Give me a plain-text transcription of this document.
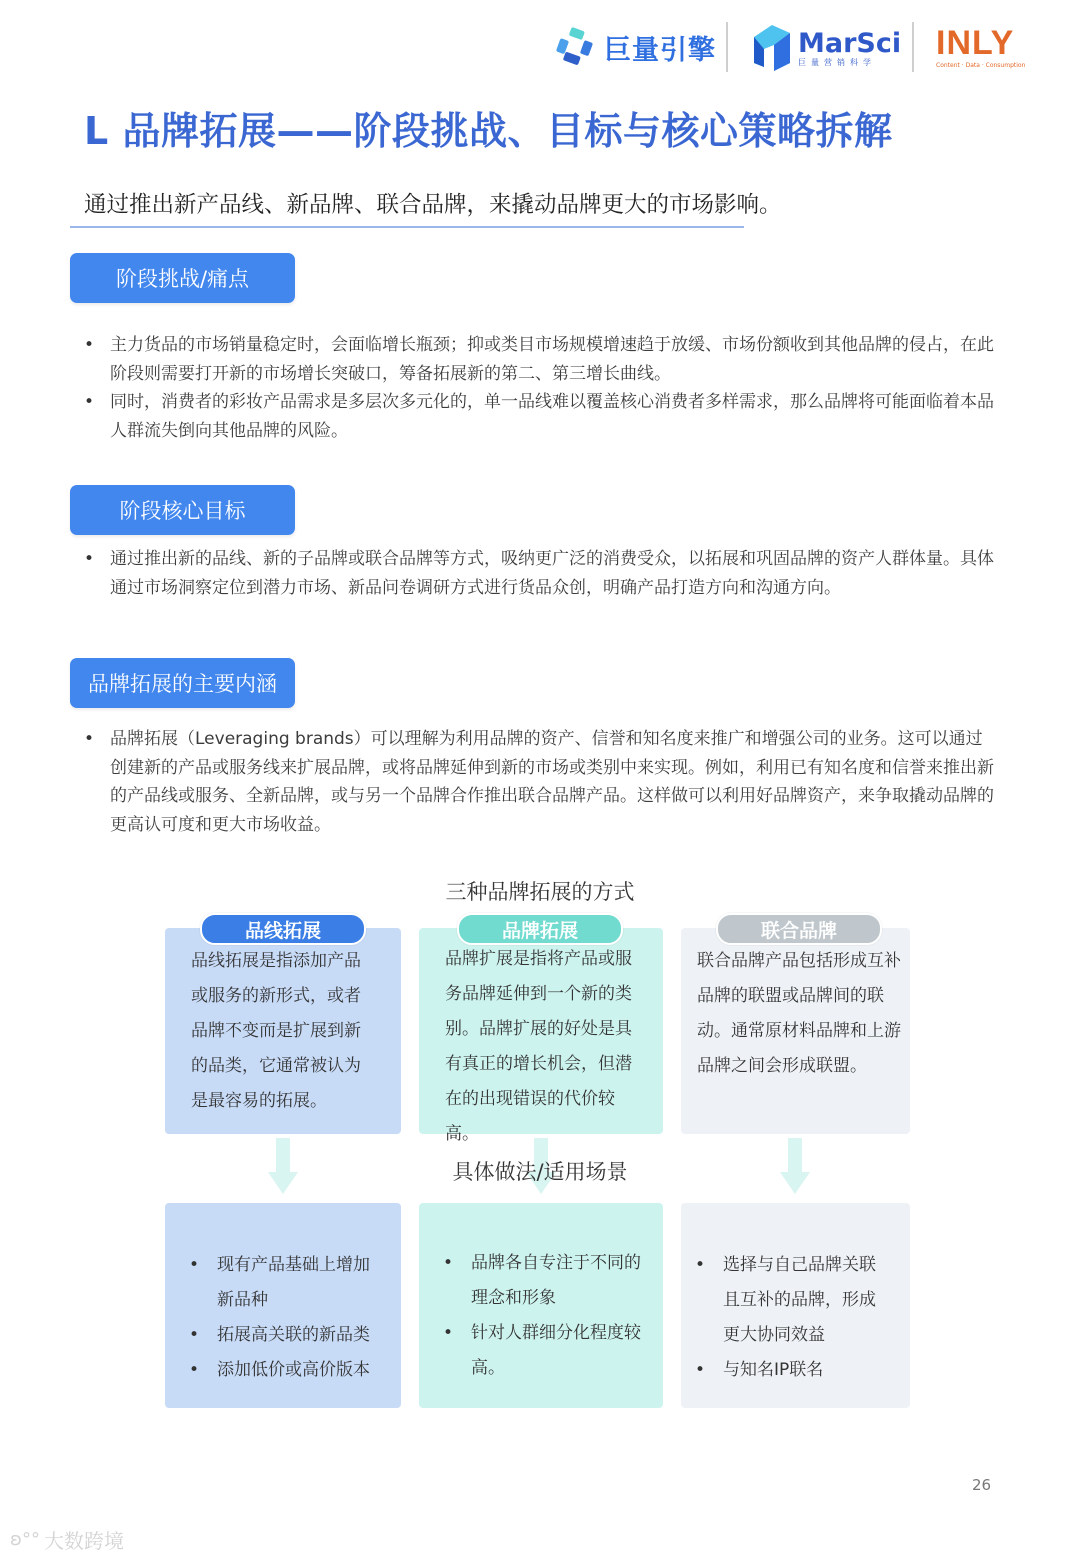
巨量引擎	MarSci
巨量营销科学	INLY
Content · Data · Consumption
L 品牌拓展——阶段挑战、目标与核心策略拆解
通过推出新产品线、新品牌、联合品牌，来撬动品牌更大的市场影响。
阶段挑战/痛点
• 主力货品的市场销量稳定时，会面临增长瓶颈；抑或类目市场规模增速趋于放缓、市场份额收到其他品牌的侵占，在此阶段则需要打开新的市场增长突破口，筹备拓展新的第二、第三增长曲线。
• 同时，消费者的彩妆产品需求是多层次多元化的，单一品线难以覆盖核心消费者多样需求，那么品牌将可能面临着本品人群流失倒向其他品牌的风险。
阶段核心目标
• 通过推出新的品线、新的子品牌或联合品牌等方式，吸纳更广泛的消费受众，以拓展和巩固品牌的资产人群体量。具体通过市场洞察定位到潜力市场、新品问卷调研方式进行货品众创，明确产品打造方向和沟通方向。
品牌拓展的主要内涵
• 品牌拓展（Leveraging brands）可以理解为利用品牌的资产、信誉和知名度来推广和增强公司的业务。这可以通过创建新的产品或服务线来扩展品牌，或将品牌延伸到新的市场或类别中来实现。例如，利用已有知名度和信誉来推出新的产品线或服务、全新品牌，或与另一个品牌合作推出联合品牌产品。这样做可以利用好品牌资产，来争取撬动品牌的更高认可度和更大市场收益。
三种品牌拓展的方式
品线拓展是指添加产品或服务的新形式，或者品牌不变而是扩展到新的品类，它通常被认为是最容易的拓展。
品牌扩展是指将产品或服务品牌延伸到一个新的类别。品牌扩展的好处是具有真正的增长机会，但潜在的出现错误的代价较高。
联合品牌产品包括形成互补品牌的联盟或品牌间的联动。通常原材料品牌和上游品牌之间会形成联盟。
品线拓展	品牌拓展	联合品牌
具体做法/适用场景
• 现有产品基础上增加新品种
• 拓展高关联的新品类
• 添加低价或高价版本
• 品牌各自专注于不同的理念和形象
• 针对人群细分化程度较高。
• 选择与自己品牌关联且互补的品牌，形成更大协同效益
• 与知名IP联名
26
ʚ°° 大数跨境
